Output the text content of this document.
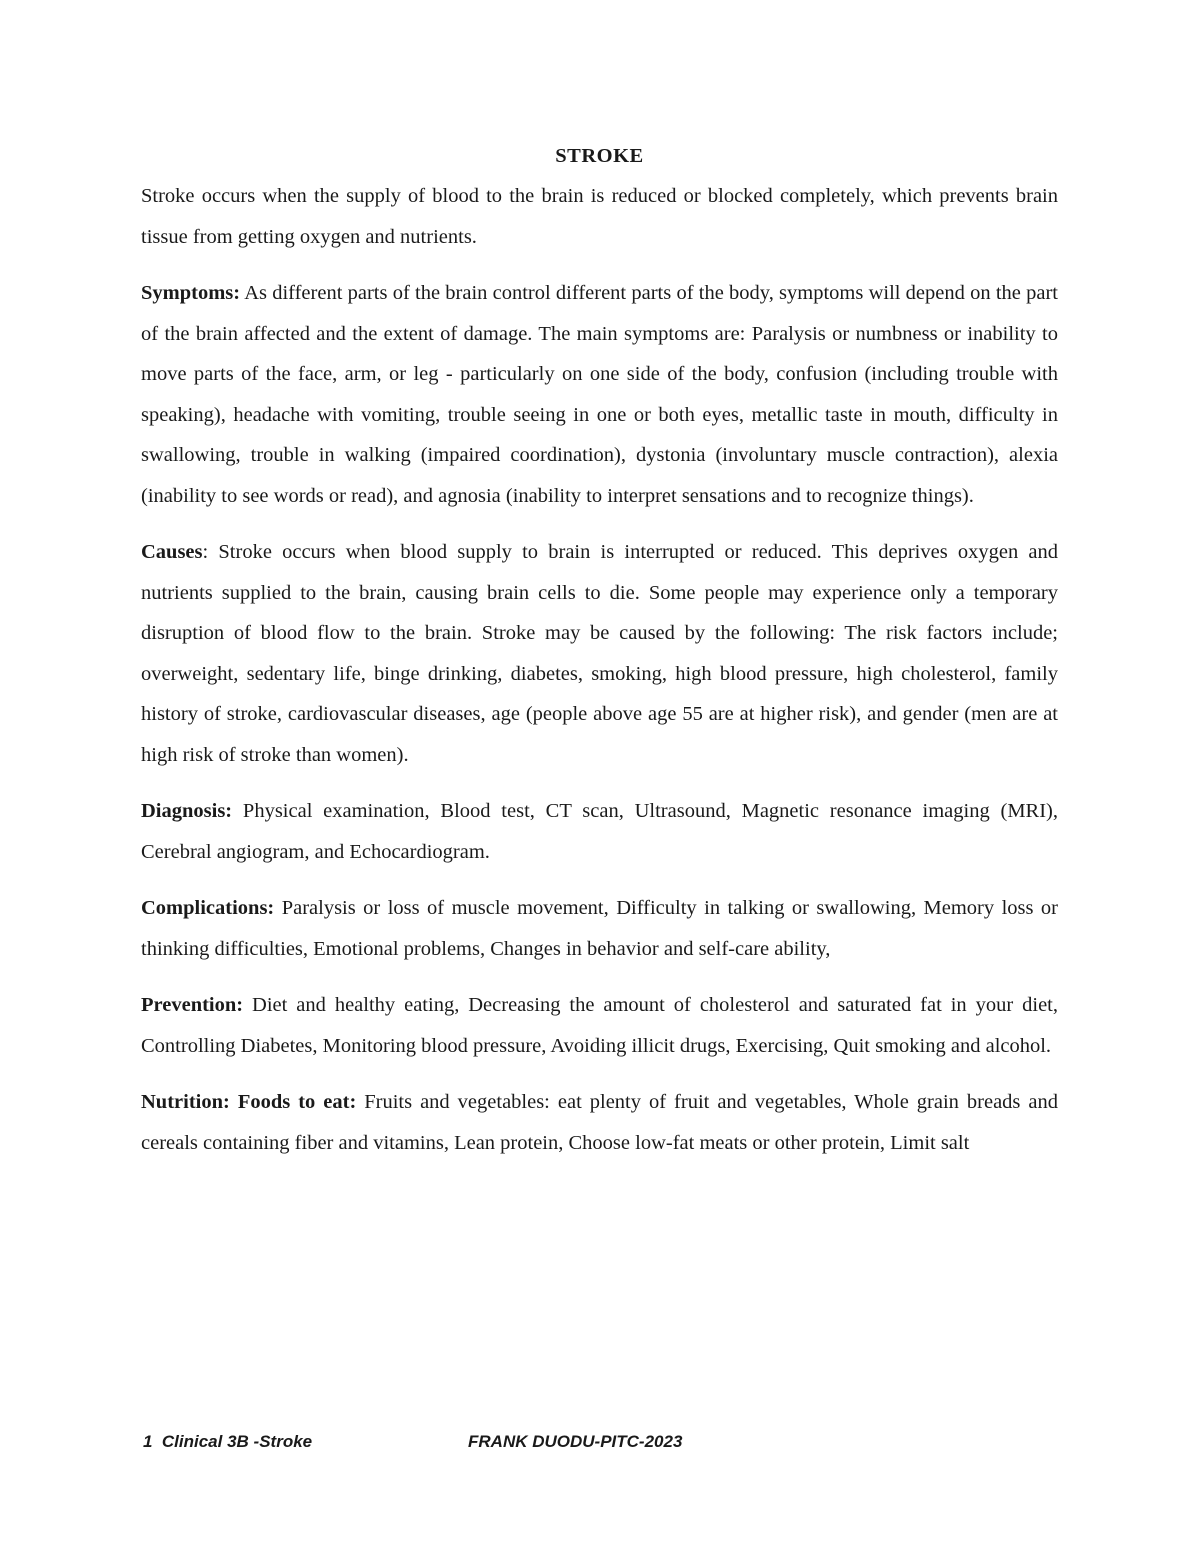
STROKE

Stroke occurs when the supply of blood to the brain is reduced or blocked completely, which prevents brain tissue from getting oxygen and nutrients.

Symptoms: As different parts of the brain control different parts of the body, symptoms will depend on the part of the brain affected and the extent of damage. The main symptoms are: Paralysis or numbness or inability to move parts of the face, arm, or leg - particularly on one side of the body, confusion (including trouble with speaking), headache with vomiting, trouble seeing in one or both eyes, metallic taste in mouth, difficulty in swallowing, trouble in walking (impaired coordination), dystonia (involuntary muscle contraction), alexia (inability to see words or read), and agnosia (inability to interpret sensations and to recognize things).

Causes: Stroke occurs when blood supply to brain is interrupted or reduced. This deprives oxygen and nutrients supplied to the brain, causing brain cells to die. Some people may experience only a temporary disruption of blood flow to the brain. Stroke may be caused by the following: The risk factors include; overweight, sedentary life, binge drinking, diabetes, smoking, high blood pressure, high cholesterol, family history of stroke, cardiovascular diseases, age (people above age 55 are at higher risk), and gender (men are at high risk of stroke than women).

Diagnosis: Physical examination, Blood test, CT scan, Ultrasound, Magnetic resonance imaging (MRI), Cerebral angiogram, and Echocardiogram.

Complications: Paralysis or loss of muscle movement, Difficulty in talking or swallowing, Memory loss or thinking difficulties, Emotional problems, Changes in behavior and self-care ability,

Prevention: Diet and healthy eating, Decreasing the amount of cholesterol and saturated fat in your diet, Controlling Diabetes, Monitoring blood pressure, Avoiding illicit drugs, Exercising, Quit smoking and alcohol.

Nutrition: Foods to eat: Fruits and vegetables: eat plenty of fruit and vegetables, Whole grain breads and cereals containing fiber and vitamins, Lean protein, Choose low-fat meats or other protein, Limit salt

1  Clinical 3B -Stroke	FRANK DUODU-PITC-2023
